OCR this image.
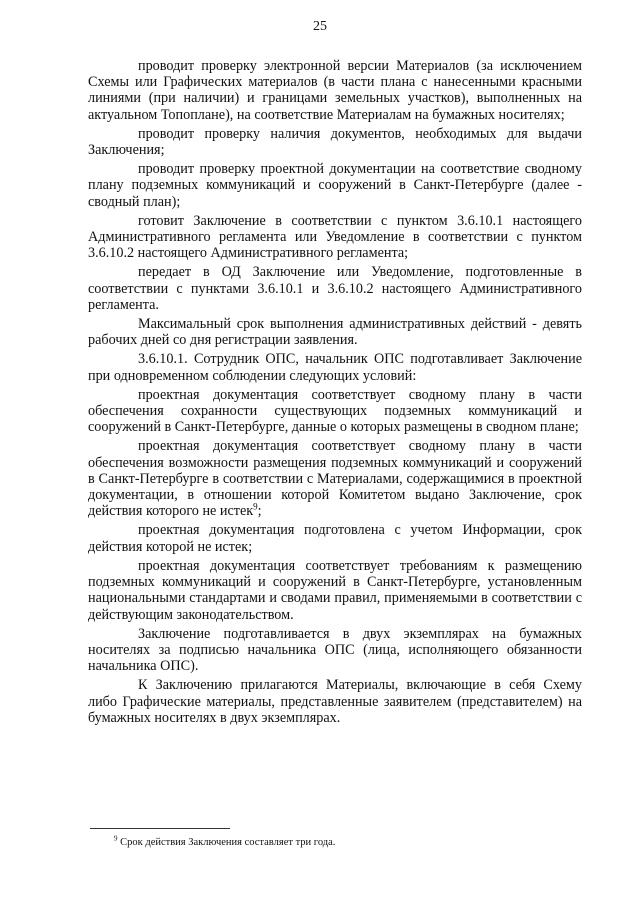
25

проводит проверку электронной версии Материалов (за исключением Схемы или Графических материалов (в части плана с нанесенными красными линиями (при наличии) и границами земельных участков), выполненных на актуальном Топоплане), на соответствие Материалам на бумажных носителях;

проводит проверку наличия документов, необходимых для выдачи Заключения;

проводит проверку проектной документации на соответствие сводному плану подземных коммуникаций и сооружений в Санкт-Петербурге (далее - сводный план);

готовит Заключение в соответствии с пунктом 3.6.10.1 настоящего Административного регламента или Уведомление в соответствии с пунктом 3.6.10.2 настоящего Административного регламента;

передает в ОД Заключение или Уведомление, подготовленные в соответствии с пунктами 3.6.10.1 и 3.6.10.2 настоящего Административного регламента.

Максимальный срок выполнения административных действий - девять рабочих дней со дня регистрации заявления.

3.6.10.1. Сотрудник ОПС, начальник ОПС подготавливает Заключение при одновременном соблюдении следующих условий:

проектная документация соответствует сводному плану в части обеспечения сохранности существующих подземных коммуникаций и сооружений в Санкт-Петербурге, данные о которых размещены в сводном плане;

проектная документация соответствует сводному плану в части обеспечения возможности размещения подземных коммуникаций и сооружений в Санкт-Петербурге в соответствии с Материалами, содержащимися в проектной документации, в отношении которой Комитетом выдано Заключение, срок действия которого не истек$^9$;

проектная документация подготовлена с учетом Информации, срок действия которой не истек;

проектная документация соответствует требованиям к размещению подземных коммуникаций и сооружений в Санкт-Петербурге, установленным национальными стандартами и сводами правил, применяемыми в соответствии с действующим законодательством.

Заключение подготавливается в двух экземплярах на бумажных носителях за подписью начальника ОПС (лица, исполняющего обязанности начальника ОПС).

К Заключению прилагаются Материалы, включающие в себя Схему либо Графические материалы, представленные заявителем (представителем) на бумажных носителях в двух экземплярах.

$^9$ Срок действия Заключения составляет три года.
